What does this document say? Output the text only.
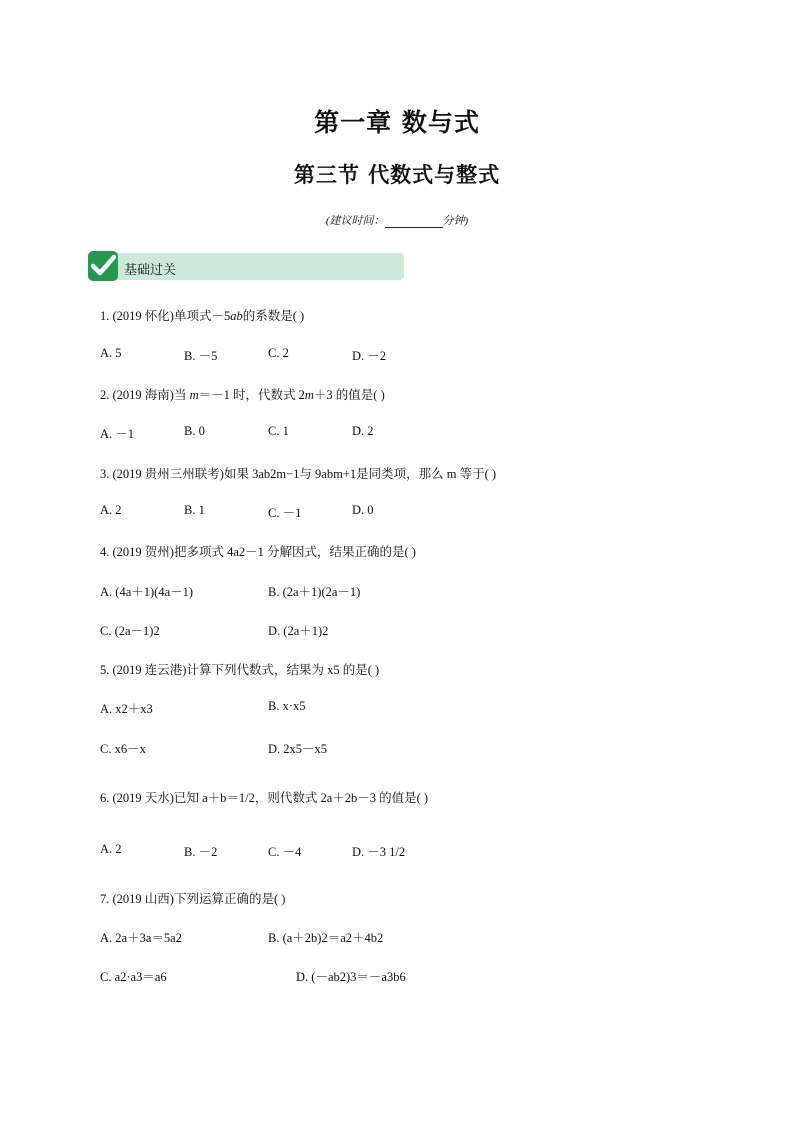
第一章 数与式
第三节 代数式与整式
(建议时间：	分钟)
基础过关
1. (2019 怀化)单项式－5ab的系数是( )
A. 5	B. －5	C. 2	D. －2
2. (2019 海南)当 m＝－1 时，代数式 2m＋3 的值是( )
A. －1	B. 0	C. 1	D. 2
3. (2019 贵州三州联考)如果 3ab2m−1与 9abm+1是同类项，那么 m 等于( )
A. 2	B. 1	C. －1	D. 0
4. (2019 贺州)把多项式 4a2－1 分解因式，结果正确的是( )
A. (4a＋1)(4a－1)	B. (2a＋1)(2a－1)
C. (2a－1)2	D. (2a＋1)2
5. (2019 连云港)计算下列代数式，结果为 x5 的是( )
A. x2＋x3	B. x·x5
C. x6－x	D. 2x5－x5
6. (2019 天水)已知 a＋b＝1/2，则代数式 2a＋2b－3 的值是( )
A. 2	B. －2	C. －4	D. －3 1/2
7. (2019 山西)下列运算正确的是( )
A. 2a＋3a＝5a2	B. (a＋2b)2＝a2＋4b2
C. a2·a3＝a6	D. (－ab2)3＝－a3b6
